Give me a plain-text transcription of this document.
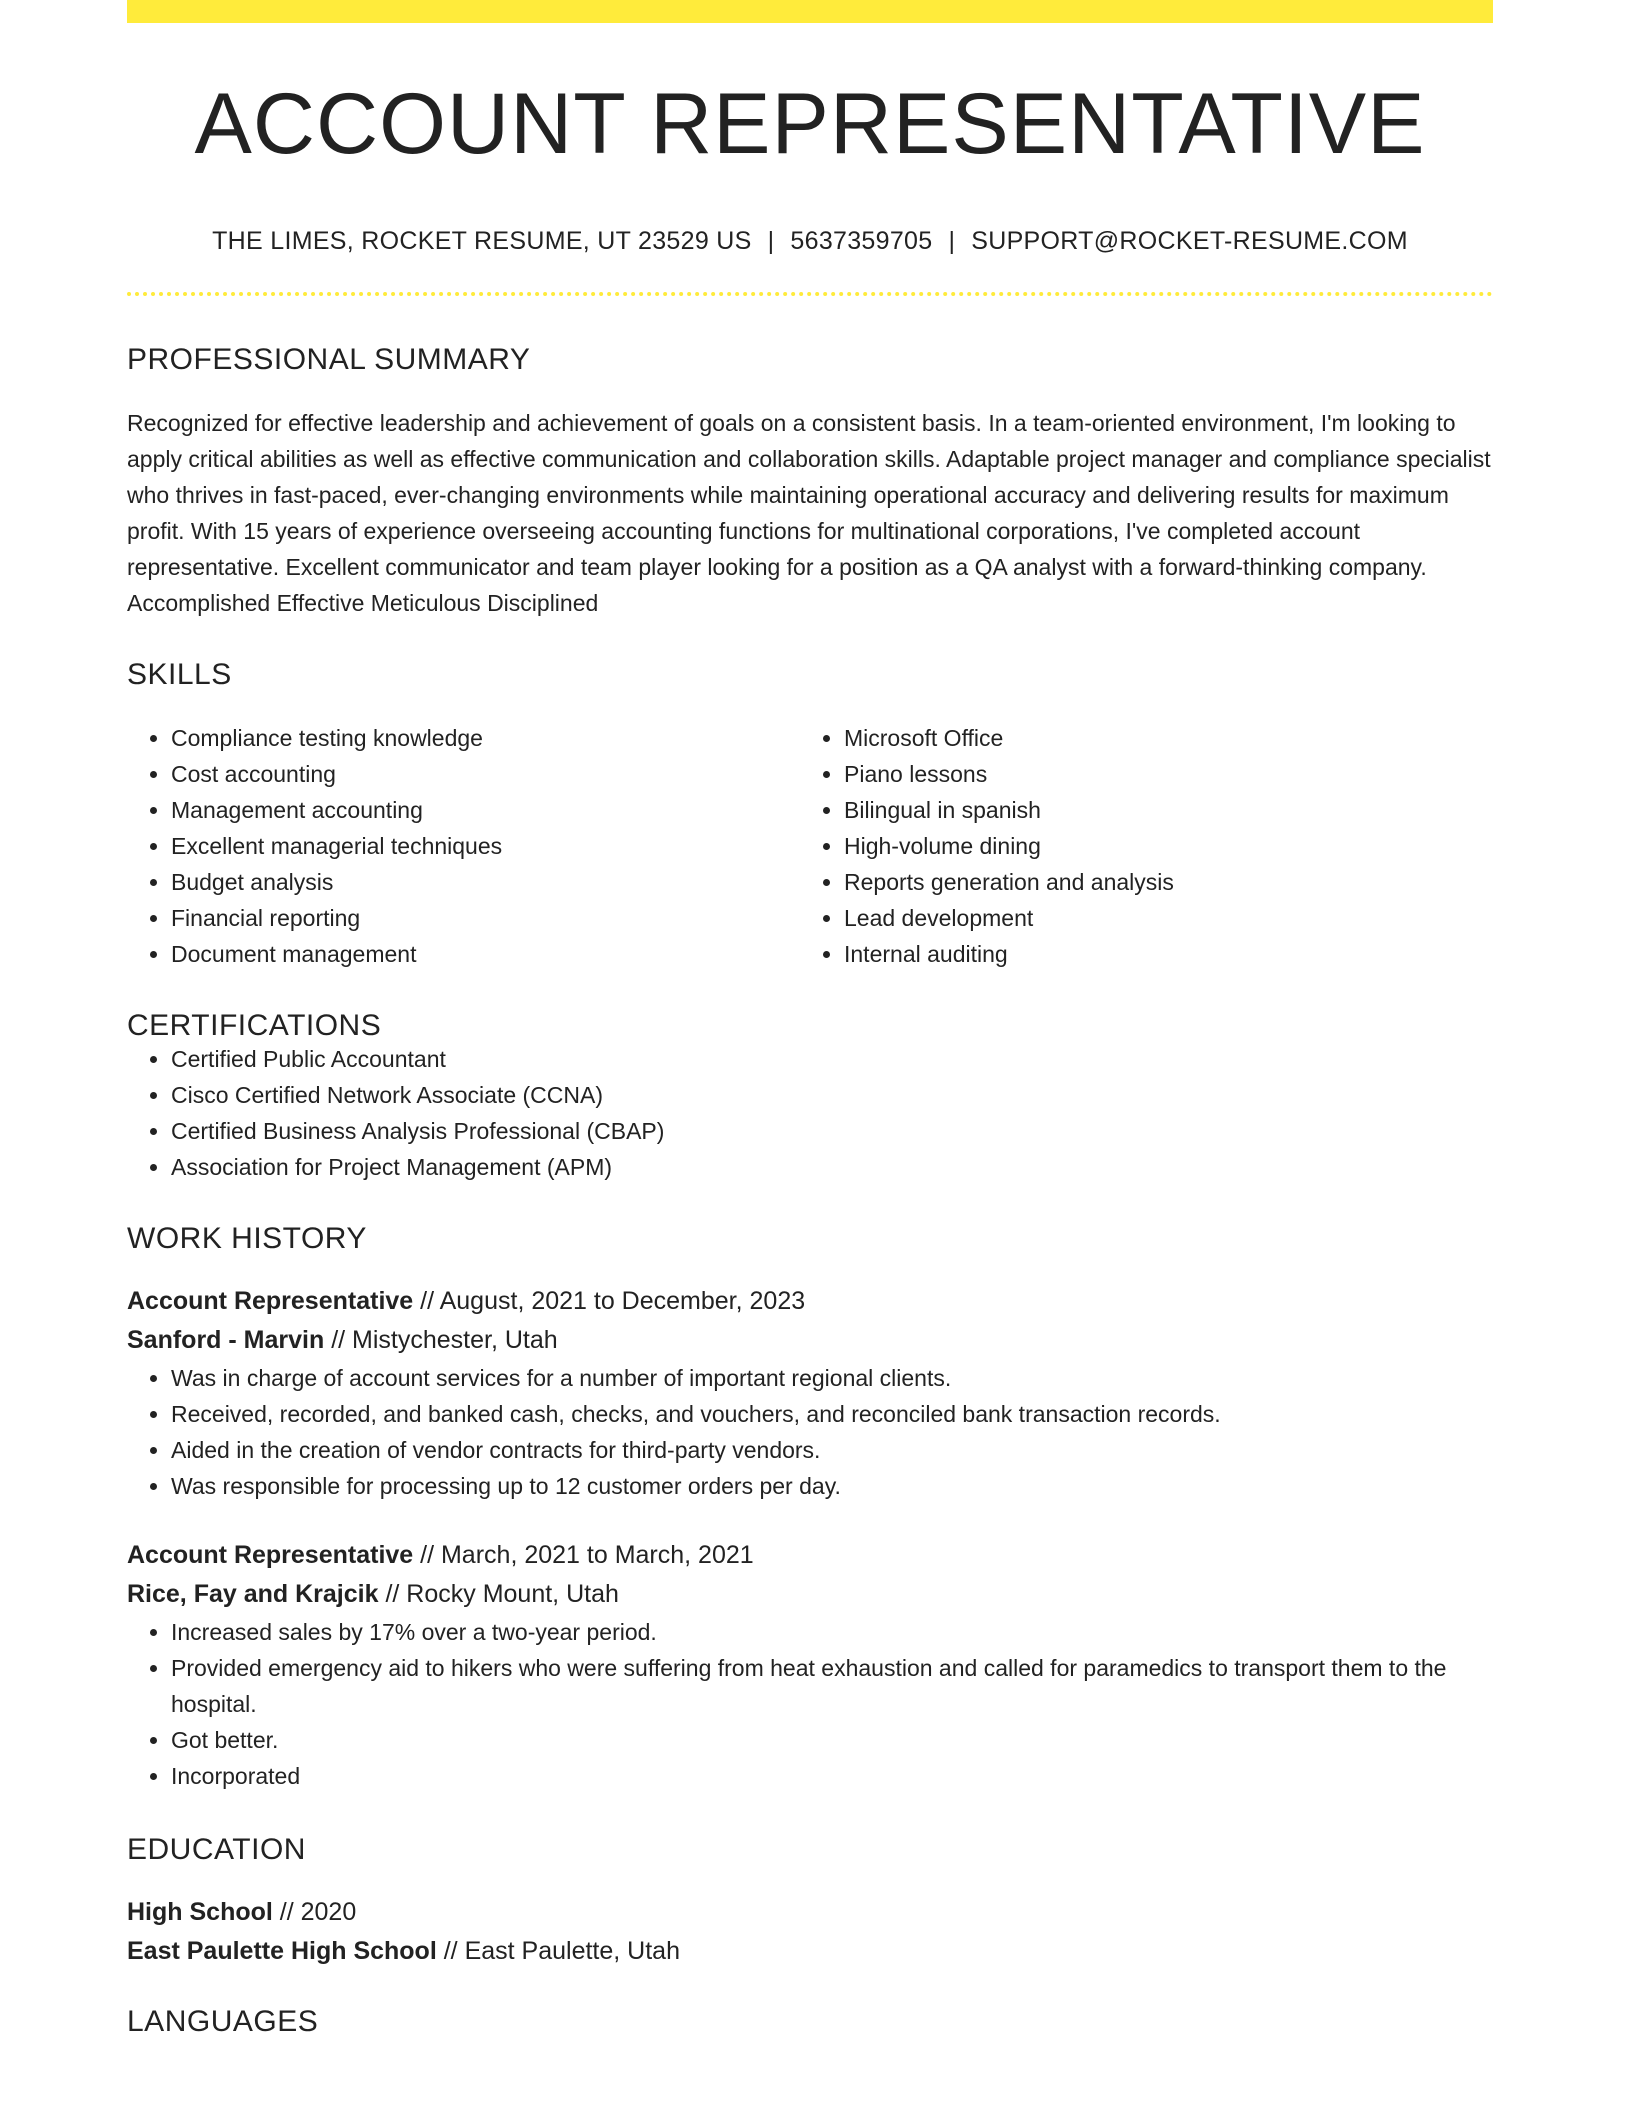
ACCOUNT REPRESENTATIVE
THE LIMES, ROCKET RESUME, UT 23529 US | 5637359705 | SUPPORT@ROCKET-RESUME.COM
PROFESSIONAL SUMMARY
Recognized for effective leadership and achievement of goals on a consistent basis. In a team-oriented environment, I'm looking to apply critical abilities as well as effective communication and collaboration skills. Adaptable project manager and compliance specialist who thrives in fast-paced, ever-changing environments while maintaining operational accuracy and delivering results for maximum profit. With 15 years of experience overseeing accounting functions for multinational corporations, I've completed account representative. Excellent communicator and team player looking for a position as a QA analyst with a forward-thinking company. Accomplished Effective Meticulous Disciplined
SKILLS
• Compliance testing knowledge
• Cost accounting
• Management accounting
• Excellent managerial techniques
• Budget analysis
• Financial reporting
• Document management
• Microsoft Office
• Piano lessons
• Bilingual in spanish
• High-volume dining
• Reports generation and analysis
• Lead development
• Internal auditing
CERTIFICATIONS
• Certified Public Accountant
• Cisco Certified Network Associate (CCNA)
• Certified Business Analysis Professional (CBAP)
• Association for Project Management (APM)
WORK HISTORY
Account Representative // August, 2021 to December, 2023
Sanford - Marvin // Mistychester, Utah
• Was in charge of account services for a number of important regional clients.
• Received, recorded, and banked cash, checks, and vouchers, and reconciled bank transaction records.
• Aided in the creation of vendor contracts for third-party vendors.
• Was responsible for processing up to 12 customer orders per day.
Account Representative // March, 2021 to March, 2021
Rice, Fay and Krajcik // Rocky Mount, Utah
• Increased sales by 17% over a two-year period.
• Provided emergency aid to hikers who were suffering from heat exhaustion and called for paramedics to transport them to the hospital.
• Got better.
• Incorporated
EDUCATION
High School // 2020
East Paulette High School // East Paulette, Utah
LANGUAGES
